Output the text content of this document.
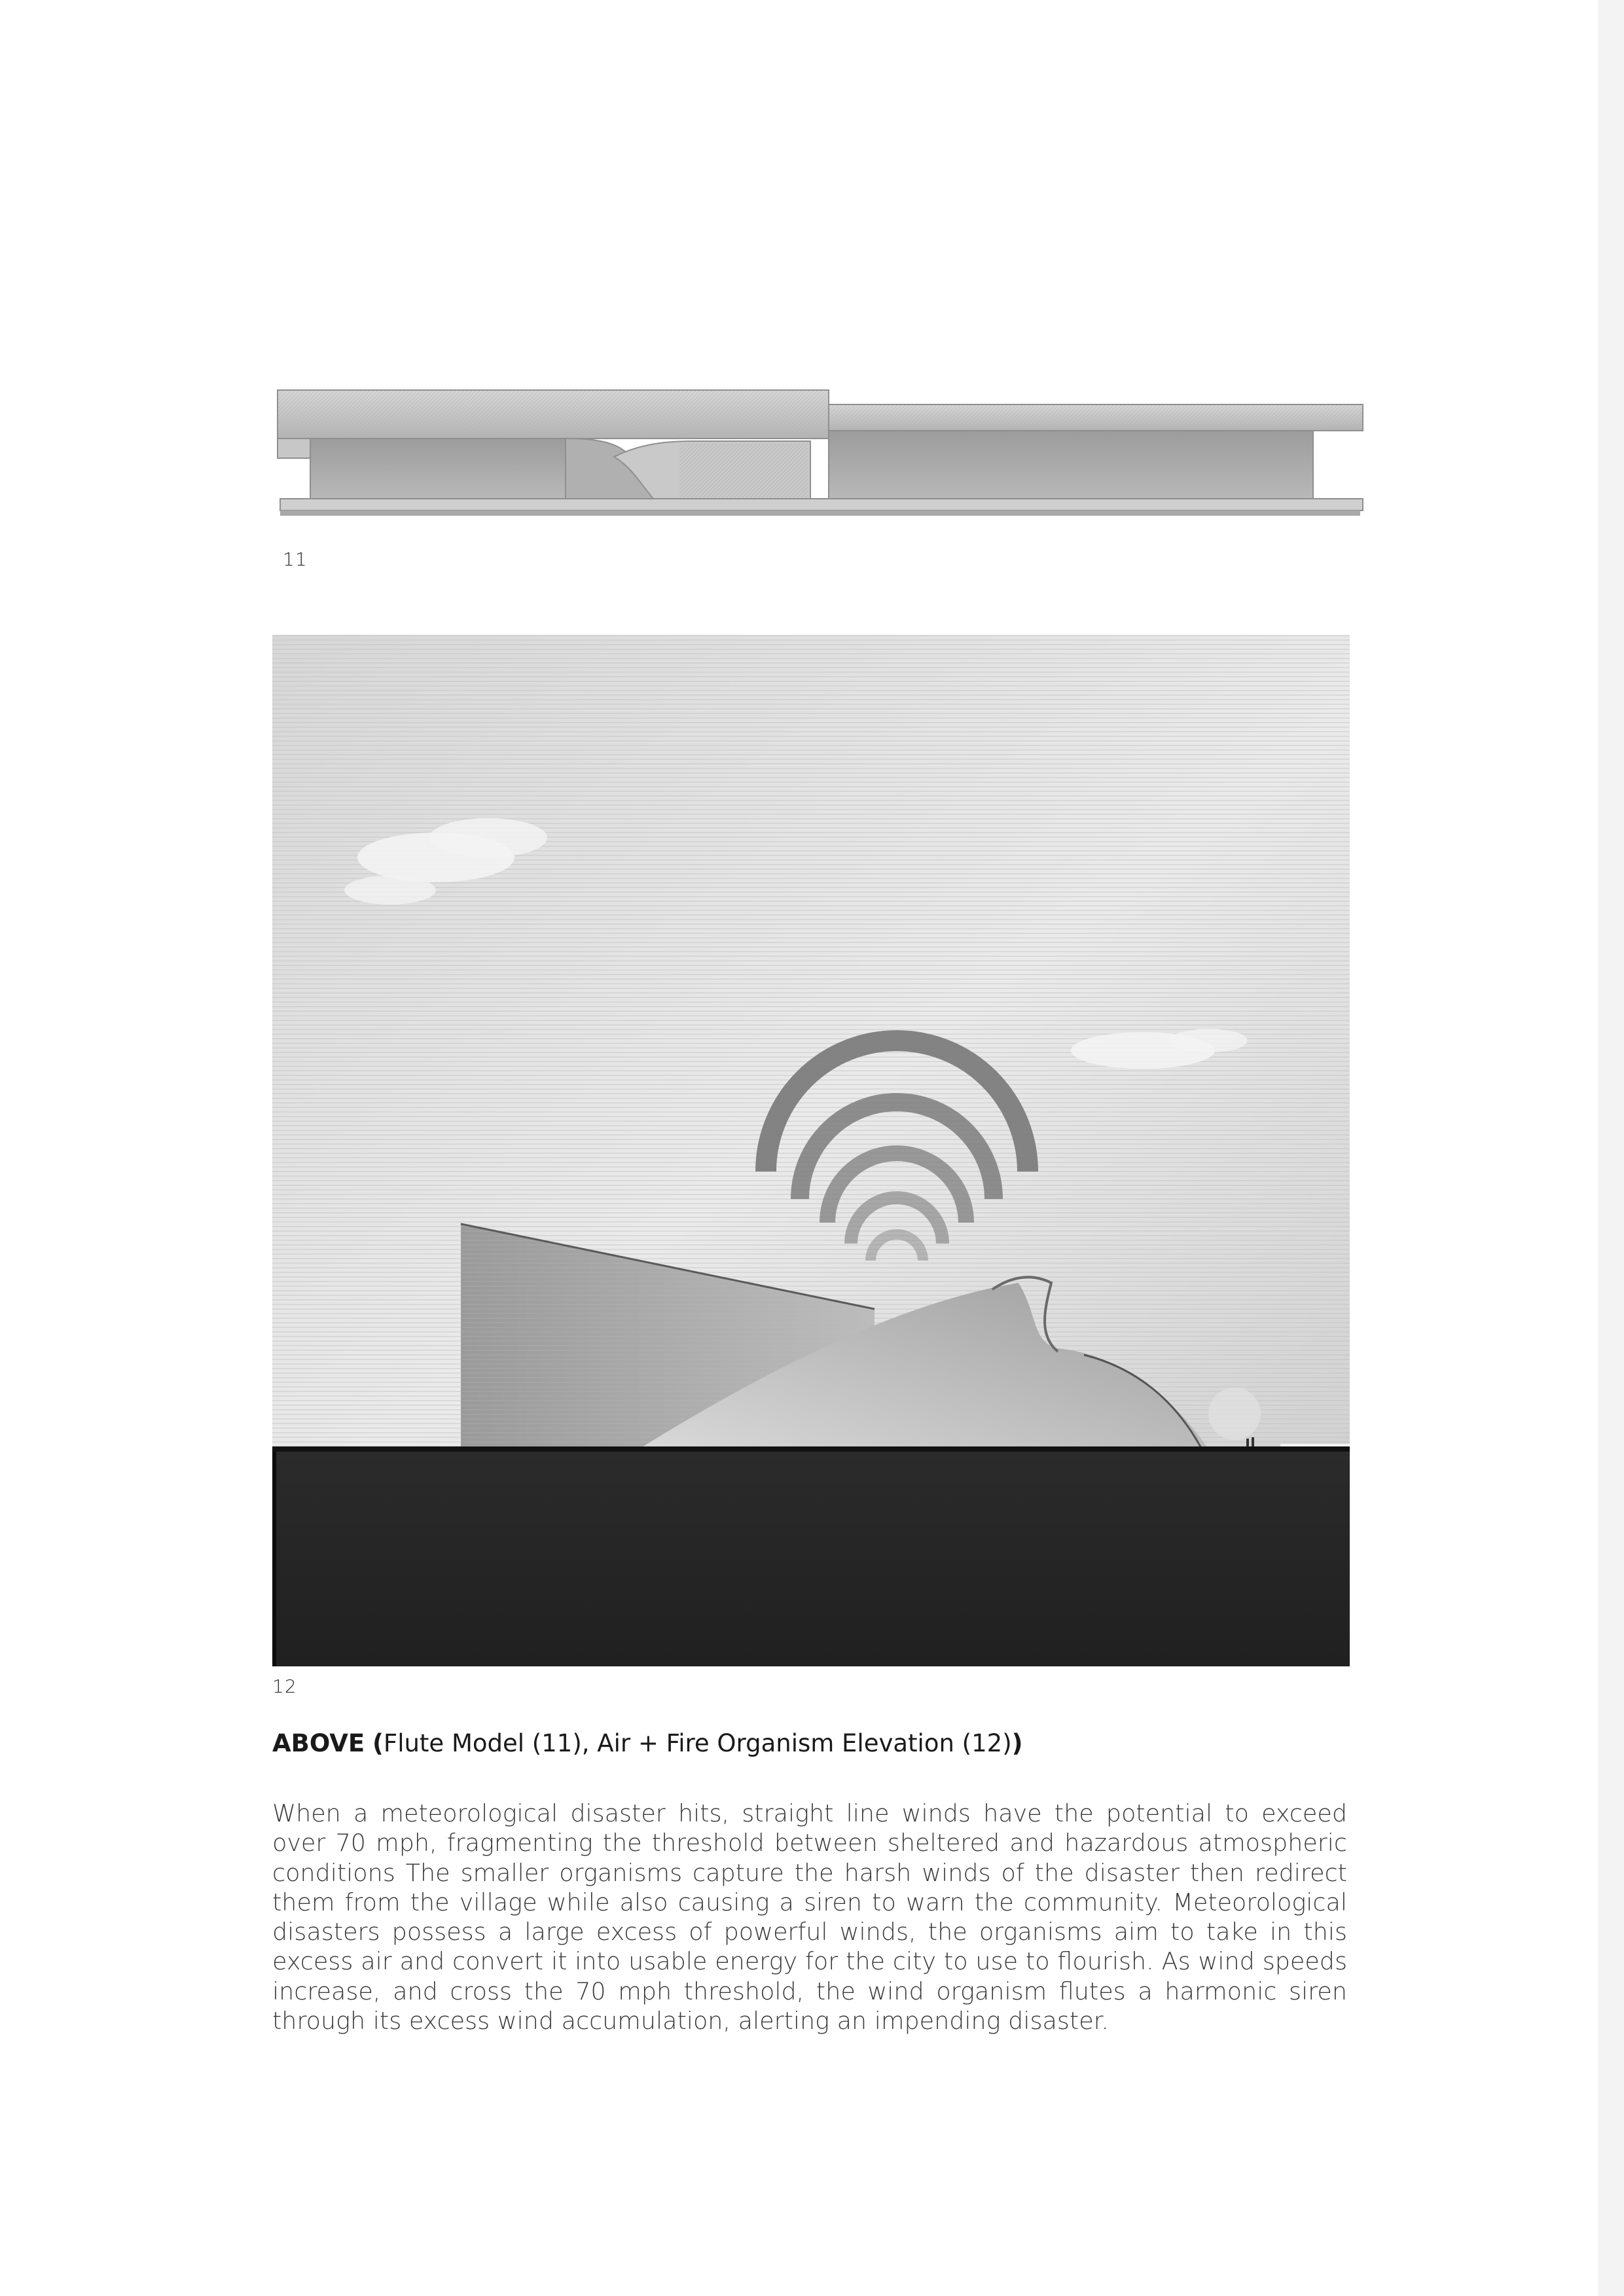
11
12
ABOVE (Flute Model (11), Air + Fire Organism Elevation (12))

When a meteorological disaster hits, straight line winds have the potential to exceed over 70 mph, fragmenting the threshold between sheltered and hazardous atmospheric conditions The smaller organisms capture the harsh winds of the disaster then redirect them from the village while also causing a siren to warn the community. Meteorological disasters possess a large excess of powerful winds, the organisms aim to take in this excess air and convert it into usable energy for the city to use to flourish. As wind speeds increase, and cross the 70 mph threshold, the wind organism flutes a harmonic siren through its excess wind accumulation, alerting an impending disaster.
